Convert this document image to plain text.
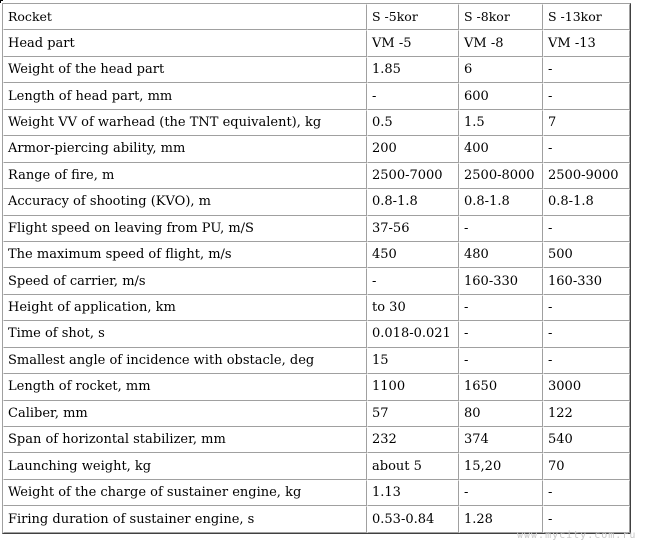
Rocket	S -5kor	S -8kor	S -13kor
Head part	VM -5	VM -8	VM -13
Weight of the head part	1.85	6	-
Length of head part, mm	-	600	-
Weight VV of warhead (the TNT equivalent), kg	0.5	1.5	7
Armor-piercing ability, mm	200	400	-
Range of fire, m	2500-7000	2500-8000	2500-9000
Accuracy of shooting (KVO), m	0.8-1.8	0.8-1.8	0.8-1.8
Flight speed on leaving from PU, m/S	37-56	-	-
The maximum speed of flight, m/s	450	480	500
Speed of carrier, m/s	-	160-330	160-330
Height of application, km	to 30	-	-
Time of shot, s	0.018-0.021	-	-
Smallest angle of incidence with obstacle, deg	15	-	-
Length of rocket, mm	1100	1650	3000
Caliber, mm	57	80	122
Span of horizontal stabilizer, mm	232	374	540
Launching weight, kg	about 5	15,20	70
Weight of the charge of sustainer engine, kg	1.13	-	-
Firing duration of sustainer engine, s	0.53-0.84	1.28	-
www.mycity.com.ru
